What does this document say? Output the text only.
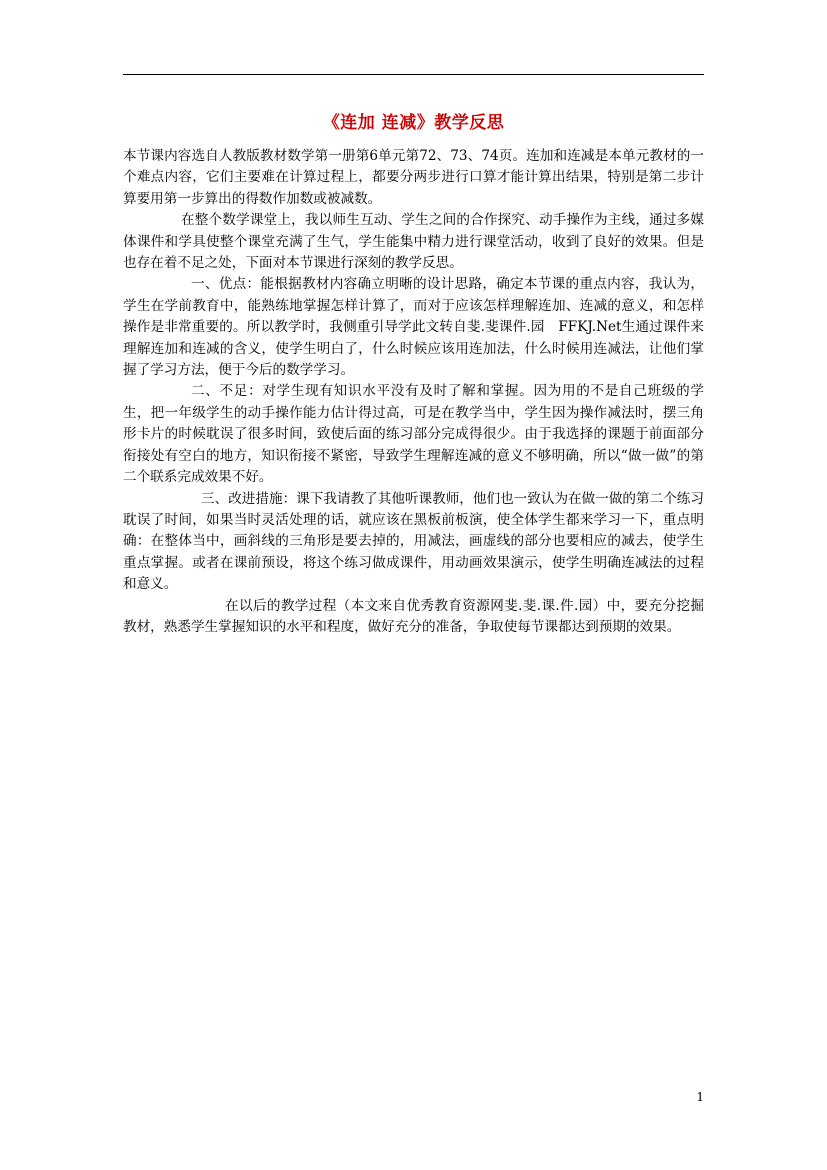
《连加 连减》教学反思

本节课内容选自人教版教材数学第一册第6单元第72、73、74页。连加和连减是本单元教材的一个难点内容，它们主要难在计算过程上，都要分两步进行口算才能计算出结果，特别是第二步计算要用第一步算出的得数作加数或被减数。

在整个数学课堂上，我以师生互动、学生之间的合作探究、动手操作为主线，通过多媒体课件和学具使整个课堂充满了生气，学生能集中精力进行课堂活动，收到了良好的效果。但是也存在着不足之处，下面对本节课进行深刻的教学反思。

一、优点：能根据教材内容确立明晰的设计思路，确定本节课的重点内容，我认为，学生在学前教育中，能熟练地掌握怎样计算了，而对于应该怎样理解连加、连减的意义，和怎样操作是非常重要的。所以教学时，我侧重引导学此文转自斐.斐课件.园　FFKJ.Net生通过课件来理解连加和连减的含义，使学生明白了，什么时候应该用连加法，什么时候用连减法，让他们掌握了学习方法，便于今后的数学学习。

二、不足：对学生现有知识水平没有及时了解和掌握。因为用的不是自己班级的学生，把一年级学生的动手操作能力估计得过高，可是在教学当中，学生因为操作减法时，摆三角形卡片的时候耽误了很多时间，致使后面的练习部分完成得很少。由于我选择的课题于前面部分衔接处有空白的地方，知识衔接不紧密，导致学生理解连减的意义不够明确，所以“做一做”的第二个联系完成效果不好。

三、改进措施：课下我请教了其他听课教师，他们也一致认为在做一做的第二个练习耽误了时间，如果当时灵活处理的话，就应该在黑板前板演，使全体学生都来学习一下，重点明确：在整体当中，画斜线的三角形是要去掉的，用减法，画虚线的部分也要相应的减去，使学生重点掌握。或者在课前预设，将这个练习做成课件，用动画效果演示，使学生明确连减法的过程和意义。

在以后的教学过程（本文来自优秀教育资源网斐.斐.课.件.园）中，要充分挖掘教材，熟悉学生掌握知识的水平和程度，做好充分的准备，争取使每节课都达到预期的效果。

1
